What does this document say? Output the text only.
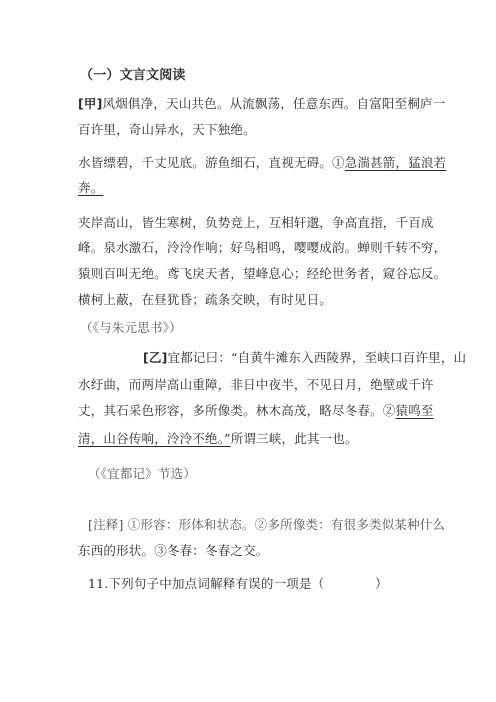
（一）文言文阅读
[甲]风烟俱净，天山共色。从流飘荡，任意东西。自富阳至桐庐一
百许里，奇山异水，天下独绝。
水皆缥碧，千丈见底。游鱼细石，直视无碍。①急湍甚箭，猛浪若
奔。
夹岸高山，皆生寒树，负势竞上，互相轩邈，争高直指，千百成
峰。泉水激石，泠泠作响；好鸟相鸣，嘤嘤成韵。蝉则千转不穷，
猿则百叫无绝。鸢飞戾天者，望峰息心；经纶世务者，窥谷忘反。
横柯上蔽，在昼犹昏；疏条交映，有时见日。
（《与朱元思书》）
[乙]宜都记曰：“自黄牛滩东入西陵界，至峡口百许里，山
水纡曲，而两岸高山重障，非日中夜半，不见日月，绝壁或千许
丈，其石采色形容，多所像类。林木高茂，略尽冬春。②猿鸣至
清，山谷传响，泠泠不绝。”所谓三峡，此其一也。
（《宜都记》节选）
[注释] ①形容：形体和状态。②多所像类：有很多类似某种什么
东西的形状。③冬春：冬春之交。
11.下列句子中加点词解释有误的一项是（　　　　）
